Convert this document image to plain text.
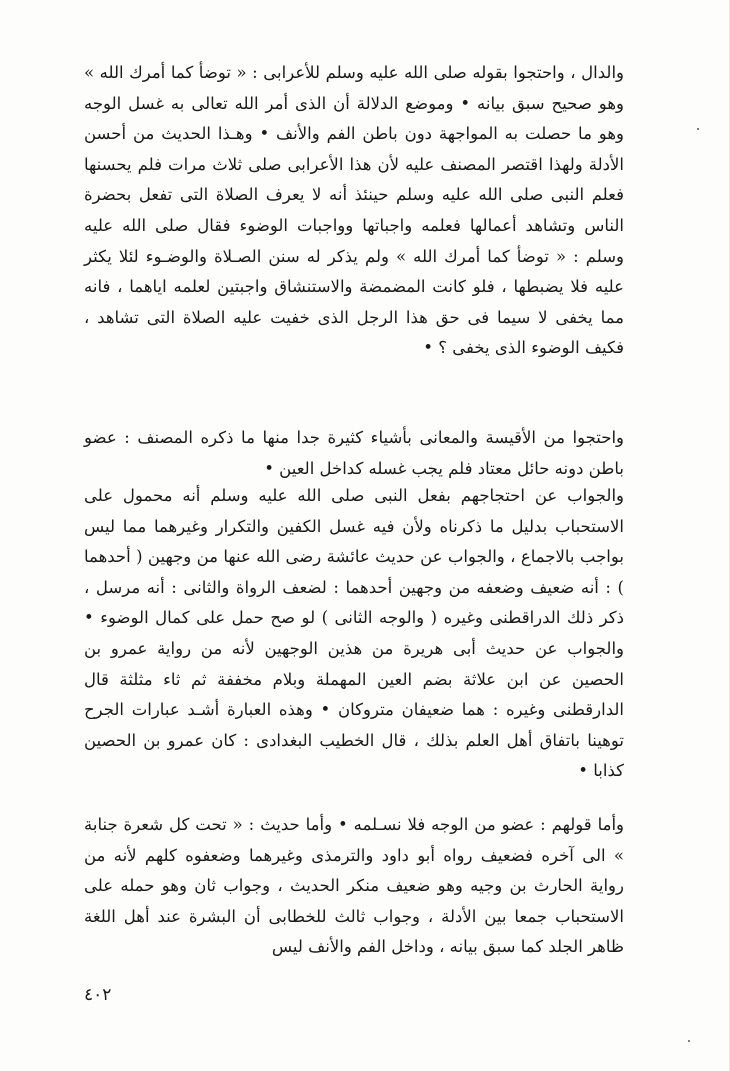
والدال ، واحتجوا بقوله صلى الله عليه وسلم للأعرابى : « توضأ كما أمرك الله » وهو صحيح سبق بيانه • وموضع الدلالة أن الذى أمر الله تعالى به غسل الوجه وهو ما حصلت به المواجهة دون باطن الفم والأنف • وهـذا الحديث من أحسن الأدلة ولهذا اقتصر المصنف عليه لأن هذا الأعرابى صلى ثلاث مرات فلم يحسنها فعلم النبى صلى الله عليه وسلم حينئذ أنه لا يعرف الصلاة التى تفعل بحضرة الناس وتشاهد أعمالها فعلمه واجباتها وواجبات الوضوء فقال صلى الله عليه وسلم : « توضأ كما أمرك الله » ولم يذكر له سنن الصـلاة والوضـوء لئلا يكثر عليه فلا يضبطها ، فلو كانت المضمضة والاستنشاق واجبتين لعلمه اياهما ، فانه مما يخفى لا سيما فى حق هذا الرجل الذى خفيت عليه الصلاة التى تشاهد ، فكيف الوضوء الذى يخفى ؟ •

واحتجوا من الأقيسة والمعانى بأشياء كثيرة جدا منها ما ذكره المصنف : عضو باطن دونه حائل معتاد فلم يجب غسله كداخل العين •

والجواب عن احتجاجهم بفعل النبى صلى الله عليه وسلم أنه محمول على الاستحباب بدليل ما ذكرناه ولأن فيه غسل الكفين والتكرار وغيرهما مما ليس بواجب بالاجماع ، والجواب عن حديث عائشة رضى الله عنها من وجهين ( أحدهما ) : أنه ضعيف وضعفه من وجهين أحدهما : لضعف الرواة والثانى : أنه مرسل ، ذكر ذلك الدراقطنى وغيره ( والوجه الثانى ) لو صح حمل على كمال الوضوء • والجواب عن حديث أبى هريرة من هذين الوجهين لأنه من رواية عمرو بن الحصين عن ابن علاثة بضم العين المهملة وبلام مخففة ثم ثاء مثلثة قال الدارقطنى وغيره : هما ضعيفان متروكان • وهذه العبارة أشـد عبارات الجرح توهينا باتفاق أهل العلم بذلك ، قال الخطيب البغدادى : كان عمرو بن الحصين كذابا •

وأما قولهم : عضو من الوجه فلا نسـلمه • وأما حديث : « تحت كل شعرة جنابة » الى آخره فضعيف رواه أبو داود والترمذى وغيرهما وضعفوه كلهم لأنه من رواية الحارث بن وجيه وهو ضعيف منكر الحديث ، وجواب ثان وهو حمله على الاستحباب جمعا بين الأدلة ، وجواب ثالث للخطابى أن البشرة عند أهل اللغة ظاهر الجلد كما سبق بيانه ، وداخل الفم والأنف ليس

٤٠٢
